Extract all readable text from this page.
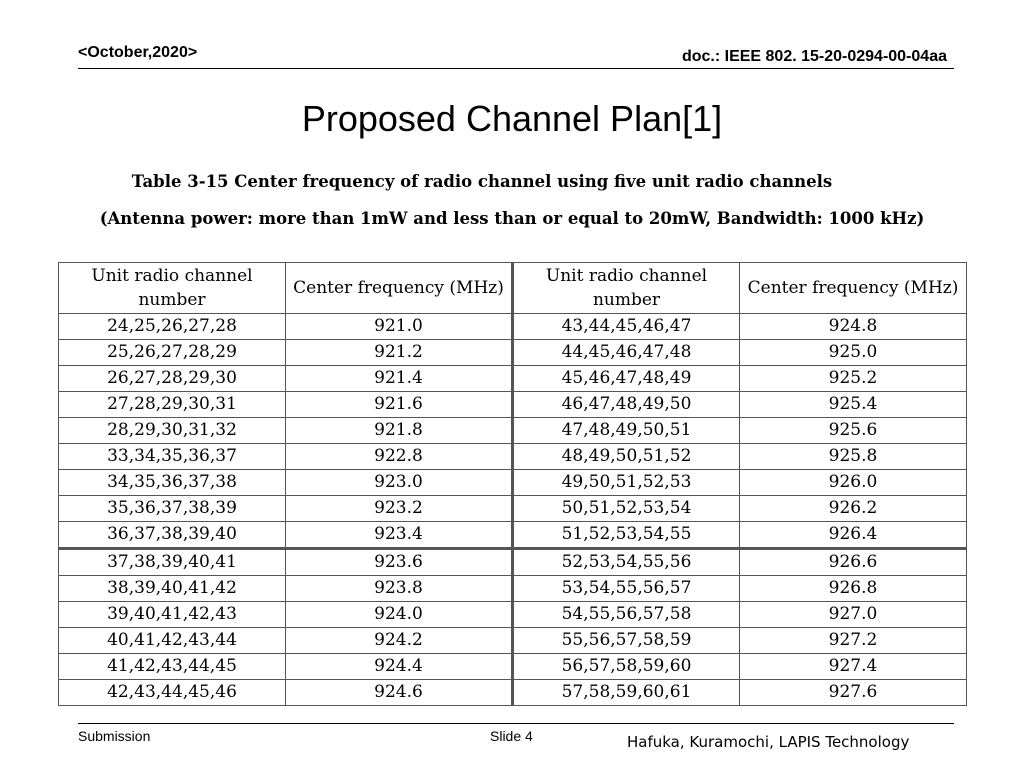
<October,2020>	doc.: IEEE 802. 15-20-0294-00-04aa
Proposed Channel Plan[1]
Table 3-15 Center frequency of radio channel using five unit radio channels
(Antenna power: more than 1mW and less than or equal to 20mW, Bandwidth: 1000 kHz)
Unit radio channel number	Center frequency (MHz)	Unit radio channel number	Center frequency (MHz)
24,25,26,27,28	921.0	43,44,45,46,47	924.8
25,26,27,28,29	921.2	44,45,46,47,48	925.0
26,27,28,29,30	921.4	45,46,47,48,49	925.2
27,28,29,30,31	921.6	46,47,48,49,50	925.4
28,29,30,31,32	921.8	47,48,49,50,51	925.6
33,34,35,36,37	922.8	48,49,50,51,52	925.8
34,35,36,37,38	923.0	49,50,51,52,53	926.0
35,36,37,38,39	923.2	50,51,52,53,54	926.2
36,37,38,39,40	923.4	51,52,53,54,55	926.4
37,38,39,40,41	923.6	52,53,54,55,56	926.6
38,39,40,41,42	923.8	53,54,55,56,57	926.8
39,40,41,42,43	924.0	54,55,56,57,58	927.0
40,41,42,43,44	924.2	55,56,57,58,59	927.2
41,42,43,44,45	924.4	56,57,58,59,60	927.4
42,43,44,45,46	924.6	57,58,59,60,61	927.6
Submission	Slide 4	Hafuka, Kuramochi, LAPIS Technology
